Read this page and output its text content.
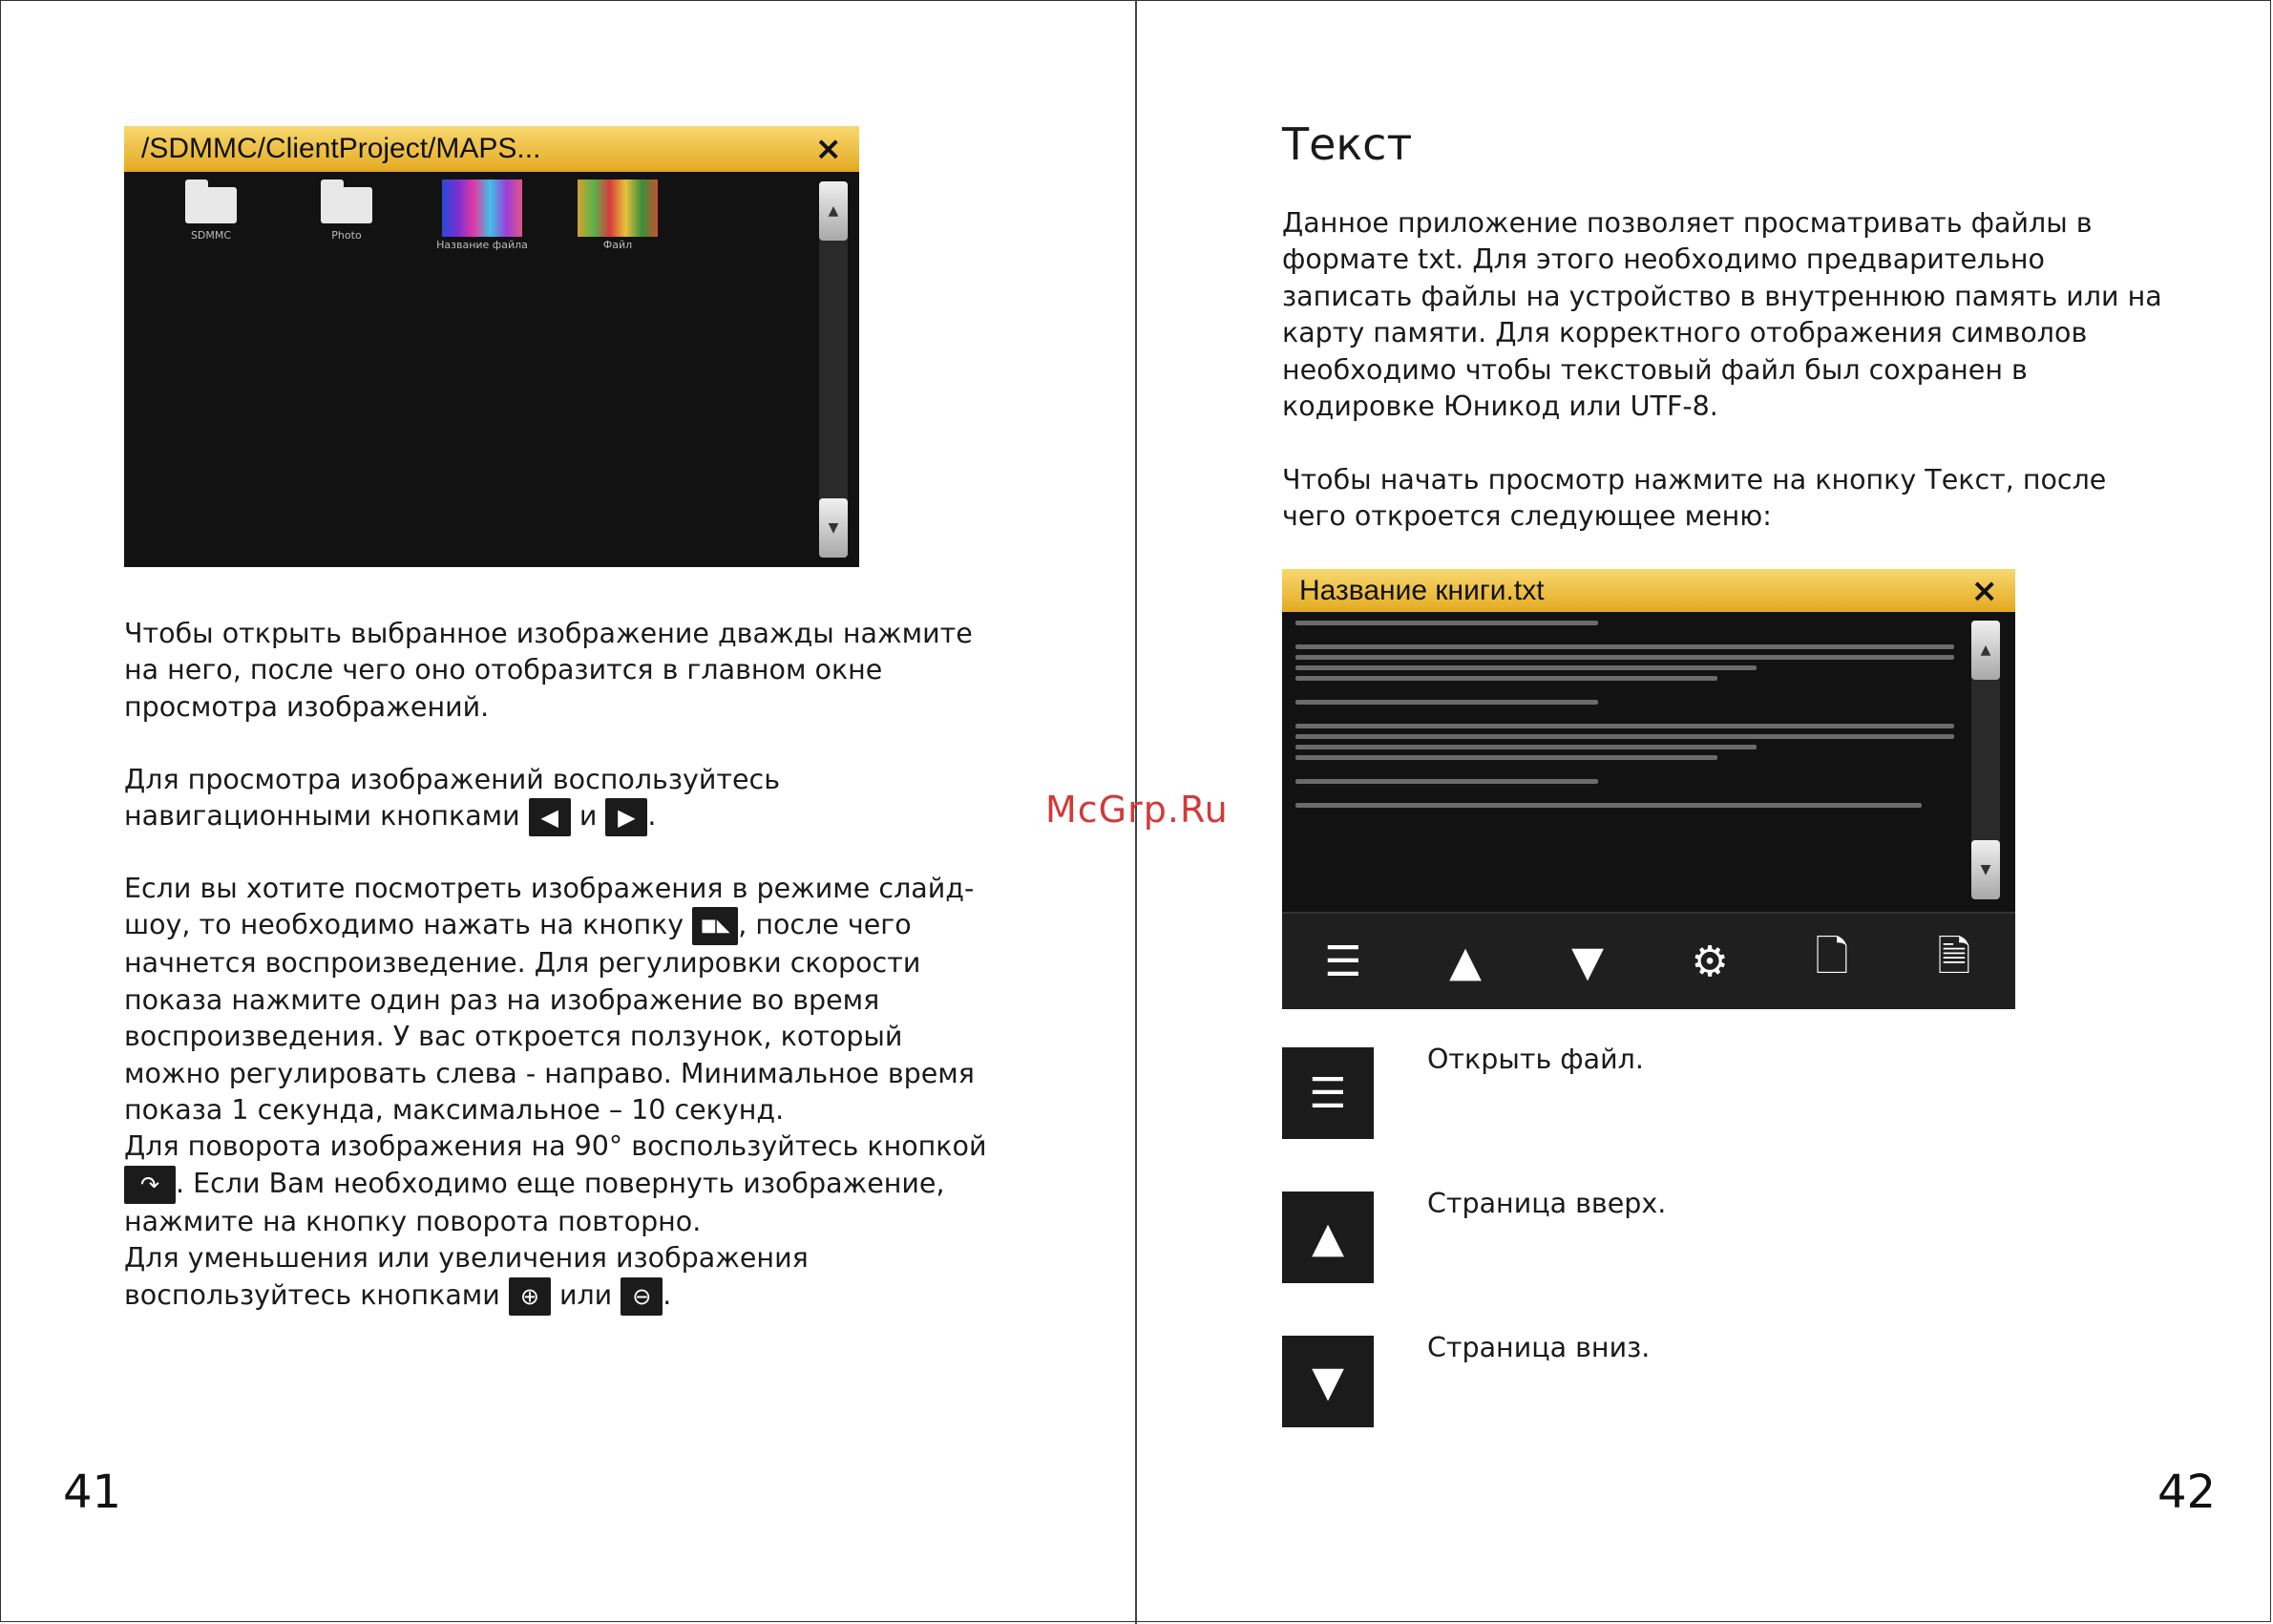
McGrp.Ru
/SDMMC/ClientProject/MAPS...	×
SDMMC	Photo
Название файла	Файл
▲
▼
Чтобы открыть выбранное изображение дважды нажмите на него, после чего оно отобразится в главном окне просмотра изображений.
Для просмотра изображений воспользуйтесь навигационными кнопками ◀ и ▶ .
Если вы хотите посмотреть изображения в режиме слайд-шоу, то необходимо нажать на кнопку ■◣ , после чего начнется воспроизведение. Для регулировки скорости показа нажмите один раз на изображение во время воспроизведения. У вас откроется ползунок, который можно регулировать слева - направо. Минимальное время показа 1 секунда, максимальное – 10 секунд.
Для поворота изображения на 90° воспользуйтесь кнопкой ↷ . Если Вам необходимо еще повернуть изображение, нажмите на кнопку поворота повторно.
Для уменьшения или увеличения изображения воспользуйтесь кнопками ⊕ или ⊖ .
41
Текст
Данное приложение позволяет просматривать файлы в формате txt. Для этого необходимо предварительно записать файлы на устройство в внутреннюю память или на карту памяти. Для корректного отображения символов необходимо чтобы текстовый файл был сохранен в кодировке Юникод или UTF-8.
Чтобы начать просмотр нажмите на кнопку Текст, после чего откроется следующее меню:
Название книги.txt	×
▲
▼
☰ ▲ ▼ ⚙ 🗋 🗎
☰
Открыть файл.
▲
Страница вверх.
▼
Страница вниз.
42
